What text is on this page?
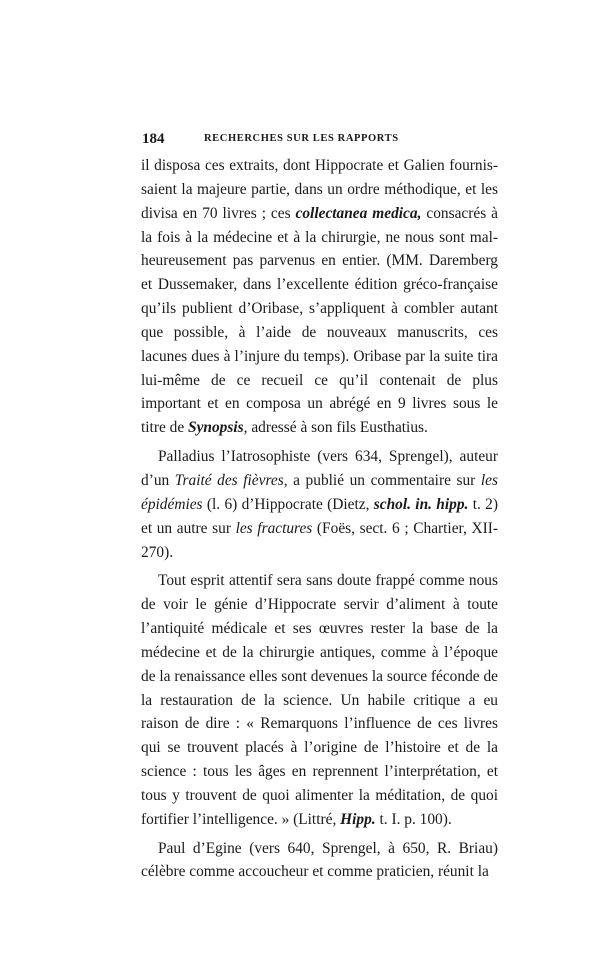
184	RECHERCHES SUR LES RAPPORTS

il disposa ces extraits, dont Hippocrate et Galien fournissaient la majeure partie, dans un ordre méthodique, et les divisa en 70 livres ; ces collectanea medica, consacrés à la fois à la médecine et à la chirurgie, ne nous sont malheureusement pas parvenus en entier. (MM. Daremberg et Dussemaker, dans l’excellente édition gréco-française qu’ils publient d’Oribase, s’appliquent à combler autant que possible, à l’aide de nouveaux manuscrits, ces lacunes dues à l’injure du temps). Oribase par la suite tira lui-même de ce recueil ce qu’il contenait de plus important et en composa un abrégé en 9 livres sous le titre de Synopsis, adressé à son fils Eusthatius.

Palladius l’Iatrosophiste (vers 634, Sprengel), auteur d’un Traité des fièvres, a publié un commentaire sur les épidémies (l. 6) d’Hippocrate (Dietz, schol. in. hipp. t. 2) et un autre sur les fractures (Foës, sect. 6 ; Chartier, XII-270).

Tout esprit attentif sera sans doute frappé comme nous de voir le génie d’Hippocrate servir d’aliment à toute l’antiquité médicale et ses œuvres rester la base de la médecine et de la chirurgie antiques, comme à l’époque de la renaissance elles sont devenues la source féconde de la restauration de la science. Un habile critique a eu raison de dire : « Remarquons l’influence de ces livres qui se trouvent placés à l’origine de l’histoire et de la science : tous les âges en reprennent l’interprétation, et tous y trouvent de quoi alimenter la méditation, de quoi fortifier l’intelligence. » (Littré, Hipp. t. I. p. 100).

Paul d’Egine (vers 640, Sprengel, à 650, R. Briau) célèbre comme accoucheur et comme praticien, réunit la
